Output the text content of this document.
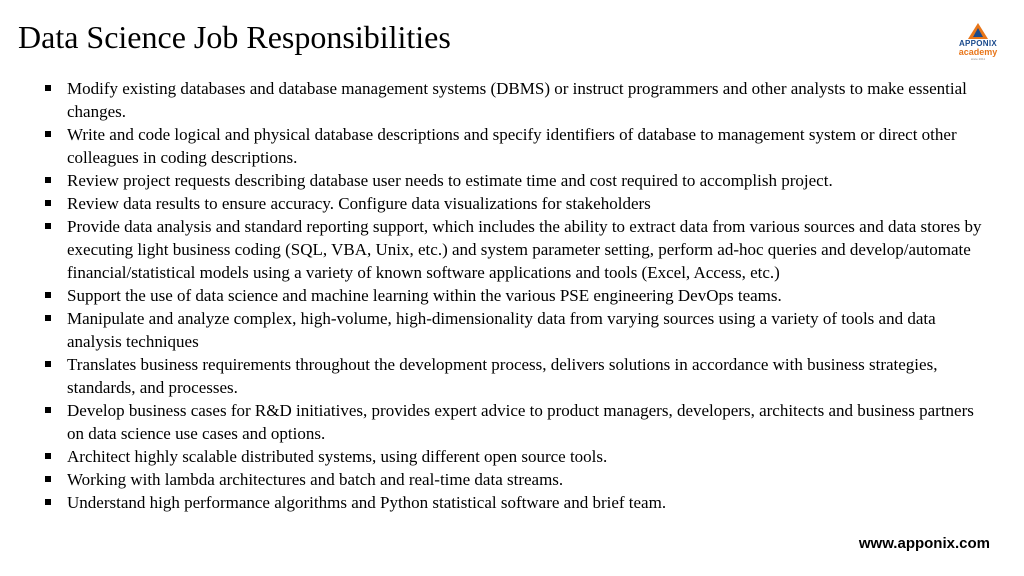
Data Science Job Responsibilities	APPONIX
academy
since 2011
Modify existing databases and database management systems (DBMS) or instruct programmers and other analysts to make essential changes.
Write and code logical and physical database descriptions and specify identifiers of database to management system or direct other colleagues in coding descriptions.
Review project requests describing database user needs to estimate time and cost required to accomplish project.
Review data results to ensure accuracy. Configure data visualizations for stakeholders
Provide data analysis and standard reporting support, which includes the ability to extract data from various sources and data stores by executing light business coding (SQL, VBA, Unix, etc.) and system parameter setting, perform ad-hoc queries and develop/automate financial/statistical models using a variety of known software applications and tools (Excel, Access, etc.)
Support the use of data science and machine learning within the various PSE engineering DevOps teams.
Manipulate and analyze complex, high-volume, high-dimensionality data from varying sources using a variety of tools and data analysis techniques
Translates business requirements throughout the development process, delivers solutions in accordance with business strategies, standards, and processes.
Develop business cases for R&D initiatives, provides expert advice to product managers, developers, architects and business partners on data science use cases and options.
Architect highly scalable distributed systems, using different open source tools.
Working with lambda architectures and batch and real-time data streams.
Understand high performance algorithms and Python statistical software and brief team.
www.apponix.com
